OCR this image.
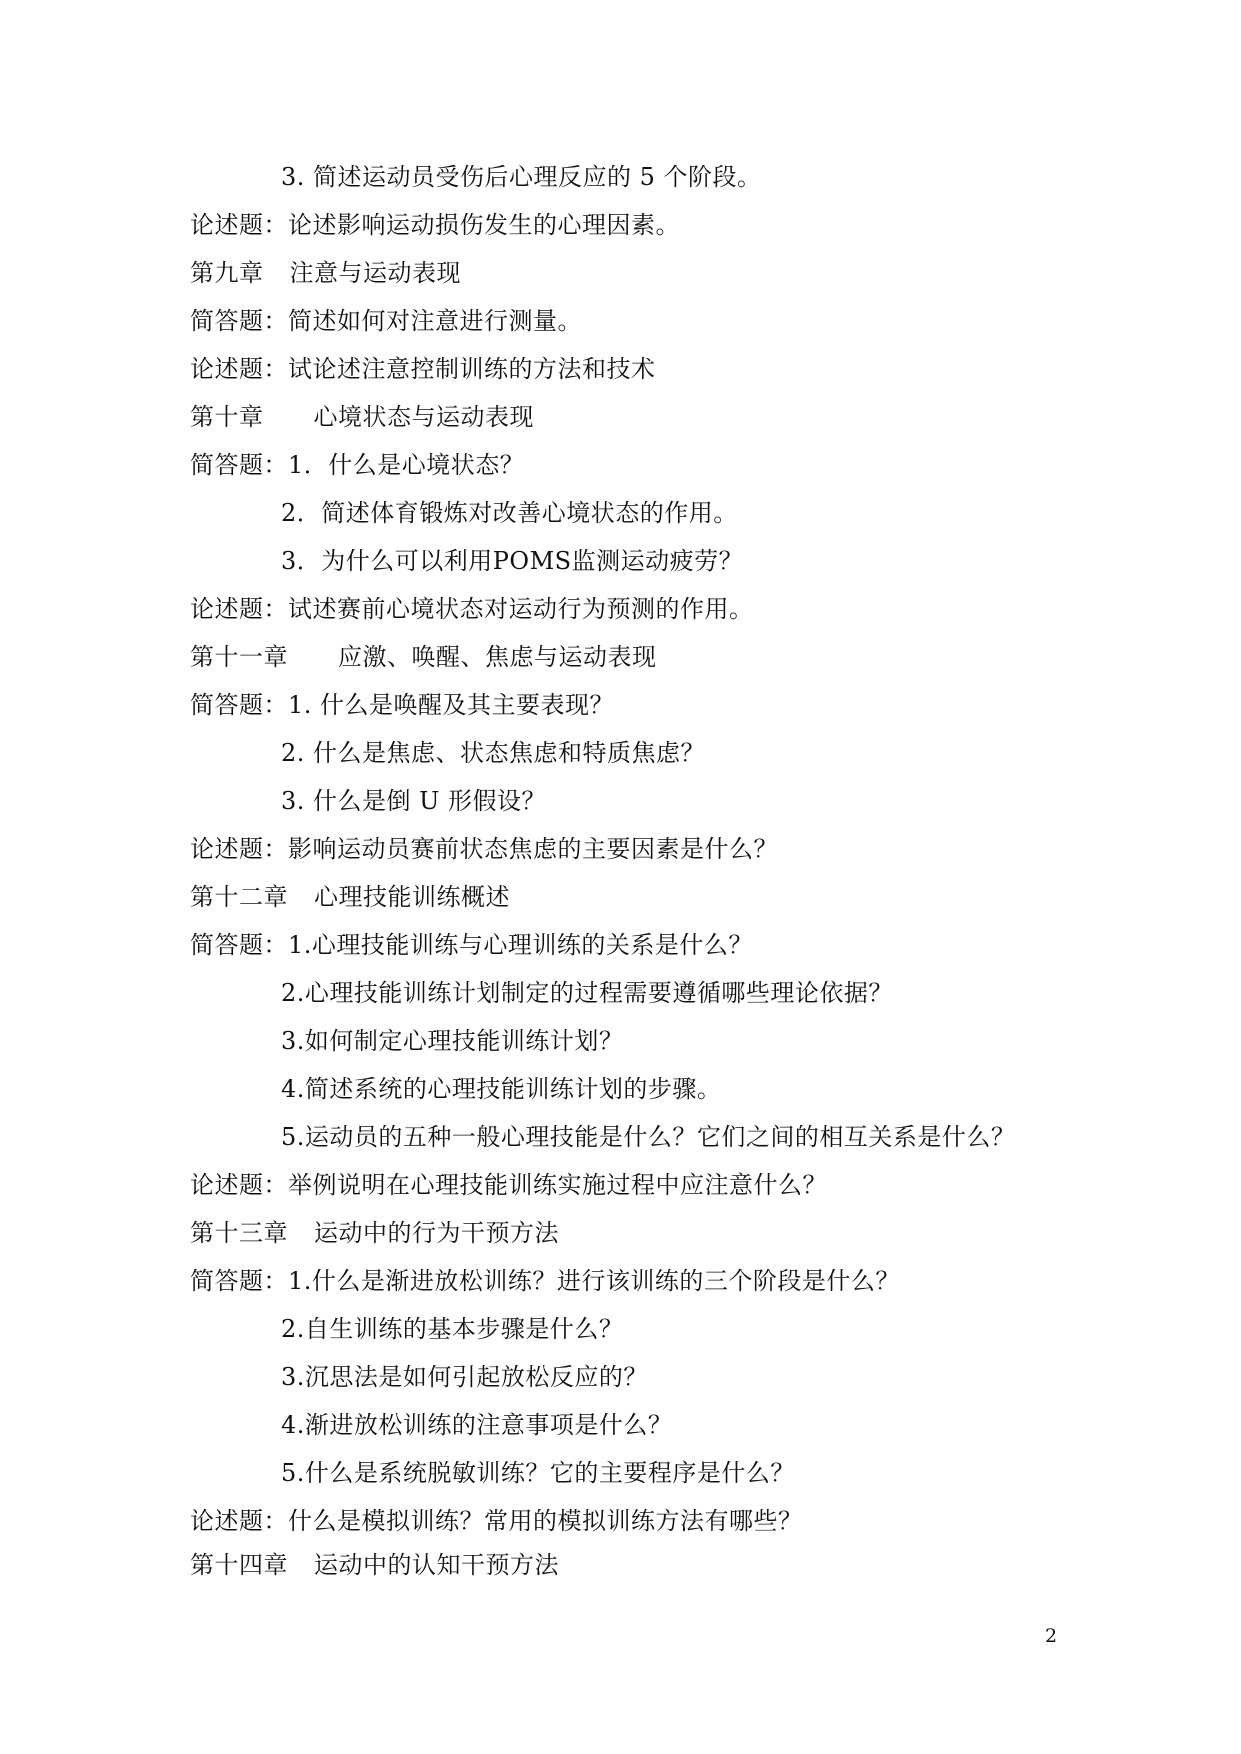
3. 简述运动员受伤后心理反应的 5 个阶段。
论述题：论述影响运动损伤发生的心理因素。
第九章 注意与运动表现
简答题：简述如何对注意进行测量。
论述题：试论述注意控制训练的方法和技术
第十章 心境状态与运动表现
简答题：1．什么是心境状态？
2．简述体育锻炼对改善心境状态的作用。
3．为什么可以利用POMS监测运动疲劳？
论述题：试述赛前心境状态对运动行为预测的作用。
第十一章 应激、唤醒、焦虑与运动表现
简答题：1. 什么是唤醒及其主要表现？
2. 什么是焦虑、状态焦虑和特质焦虑？
3. 什么是倒 U 形假设？
论述题：影响运动员赛前状态焦虑的主要因素是什么？
第十二章 心理技能训练概述
简答题：1.心理技能训练与心理训练的关系是什么？
2.心理技能训练计划制定的过程需要遵循哪些理论依据？
3.如何制定心理技能训练计划？
4.简述系统的心理技能训练计划的步骤。
5.运动员的五种一般心理技能是什么？它们之间的相互关系是什么？
论述题：举例说明在心理技能训练实施过程中应注意什么？
第十三章 运动中的行为干预方法
简答题：1.什么是渐进放松训练？进行该训练的三个阶段是什么？
2.自生训练的基本步骤是什么？
3.沉思法是如何引起放松反应的？
4.渐进放松训练的注意事项是什么？
5.什么是系统脱敏训练？它的主要程序是什么？
论述题：什么是模拟训练？常用的模拟训练方法有哪些？
第十四章 运动中的认知干预方法
2
